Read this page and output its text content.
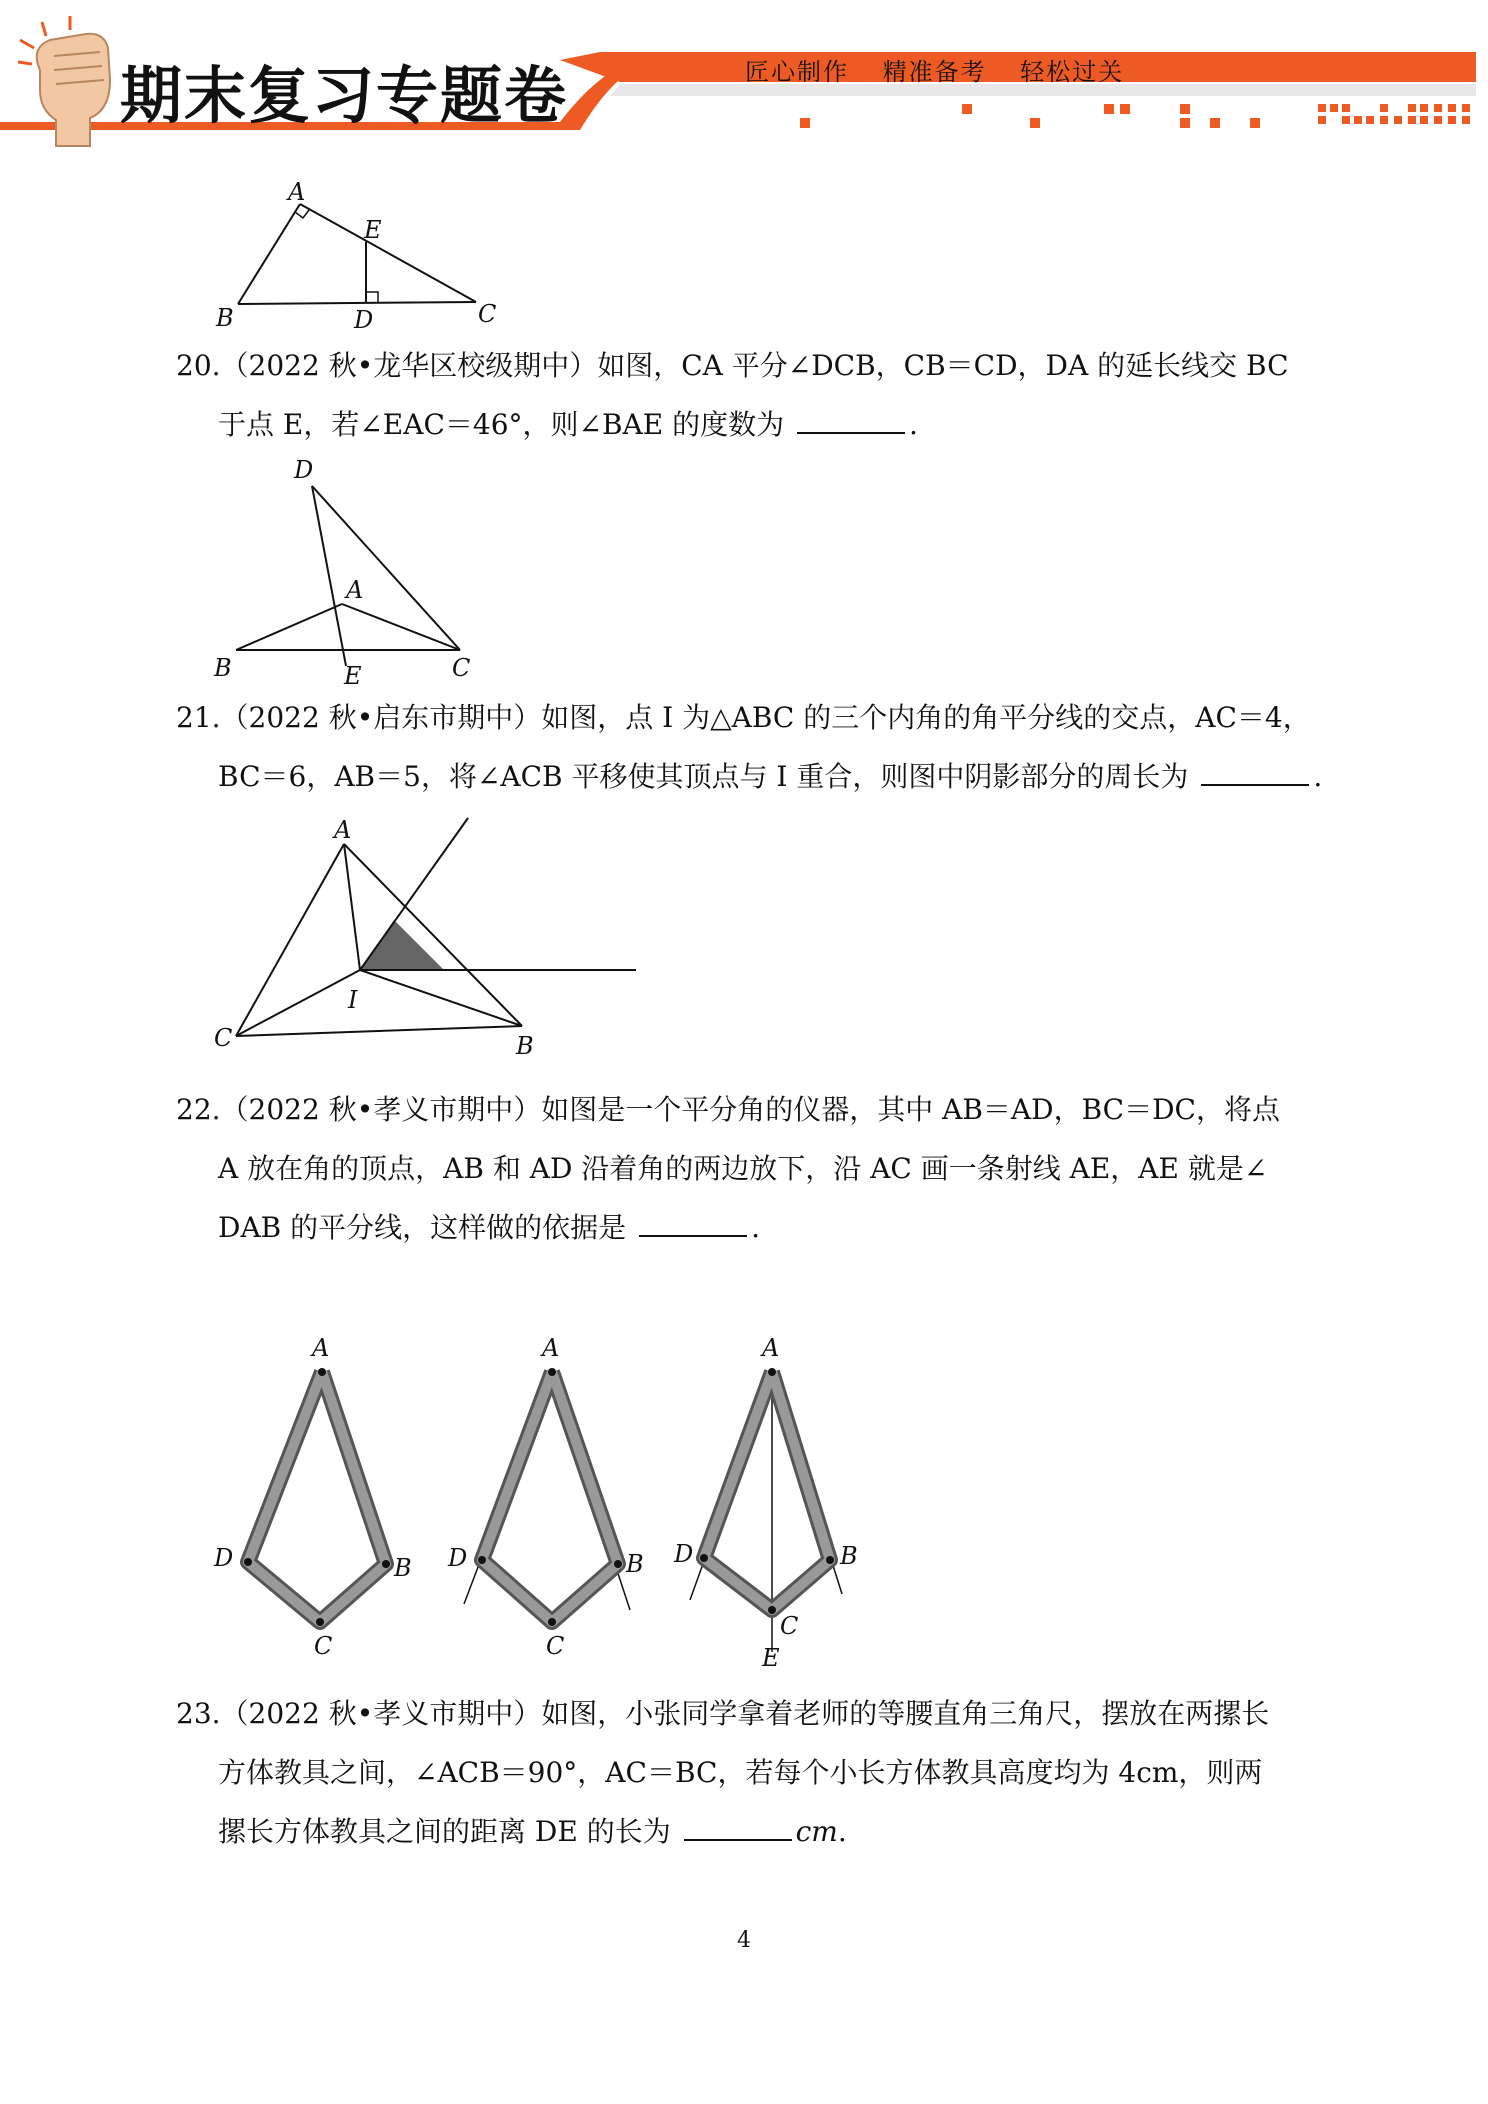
期末复习专题卷	匠心制作 精准备考 轻松过关
A
E
B	D	C
20.（2022 秋•龙华区校级期中）如图，CA 平分∠DCB，CB＝CD，DA 的延长线交 BC
于点 E，若∠EAC＝46°，则∠BAE 的度数为	.
D
A
B	E	C
21.（2022 秋•启东市期中）如图，点 I 为△ABC 的三个内角的角平分线的交点，AC＝4，
BC＝6，AB＝5，将∠ACB 平移使其顶点与 I 重合，则图中阴影部分的周长为	.
A
I
C	B
22.（2022 秋•孝义市期中）如图是一个平分角的仪器，其中 AB＝AD，BC＝DC，将点
A 放在角的顶点，AB 和 AD 沿着角的两边放下，沿 AC 画一条射线 AE，AE 就是∠
DAB 的平分线，这样做的依据是	.
A
D	B
C
A
D	B
C
A
D	B
C
E
23.（2022 秋•孝义市期中）如图，小张同学拿着老师的等腰直角三角尺，摆放在两摞长
方体教具之间，∠ACB＝90°，AC＝BC，若每个小长方体教具高度均为 4cm，则两
摞长方体教具之间的距离 DE 的长为	cm.
4
